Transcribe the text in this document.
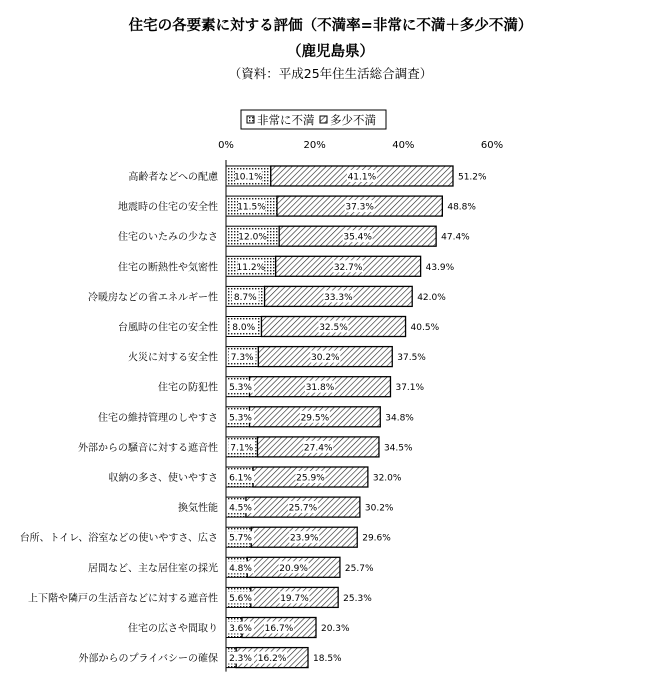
住宅の各要素に対する評価（不満率=非常に不満＋多少不満）
（鹿児島県）
（資料：平成25年住生活総合調査）
非常に不満 多少不満
0%	20%	40%	60%
高齢者などへの配慮 10.1%	41.1%	51.2%
地震時の住宅の安全性 11.5%	37.3%	48.8%
住宅のいたみの少なさ 12.0%	35.4%	47.4%
住宅の断熱性や気密性 11.2%	32.7%	43.9%
冷暖房などの省エネルギー性 8.7%	33.3%	42.0%
台風時の住宅の安全性 8.0%	32.5%	40.5%
火災に対する安全性 7.3%	30.2%	37.5%
住宅の防犯性 5.3%	31.8%	37.1%
住宅の維持管理のしやすさ 5.3%	29.5%	34.8%
外部からの騒音に対する遮音性 7.1%	27.4%	34.5%
収納の多さ、使いやすさ 6.1%	25.9%	32.0%
換気性能 4.5%	25.7%	30.2%
台所、トイレ、浴室などの使いやすさ、広さ 5.7%	23.9%	29.6%
居間など、主な居住室の採光 4.8%	20.9%	25.7%
上下階や隣戸の生活音などに対する遮音性 5.6%	19.7%	25.3%
住宅の広さや間取り 3.6% 16.7%	20.3%
外部からのプライバシーの確保 2.3% 16.2%	18.5%
